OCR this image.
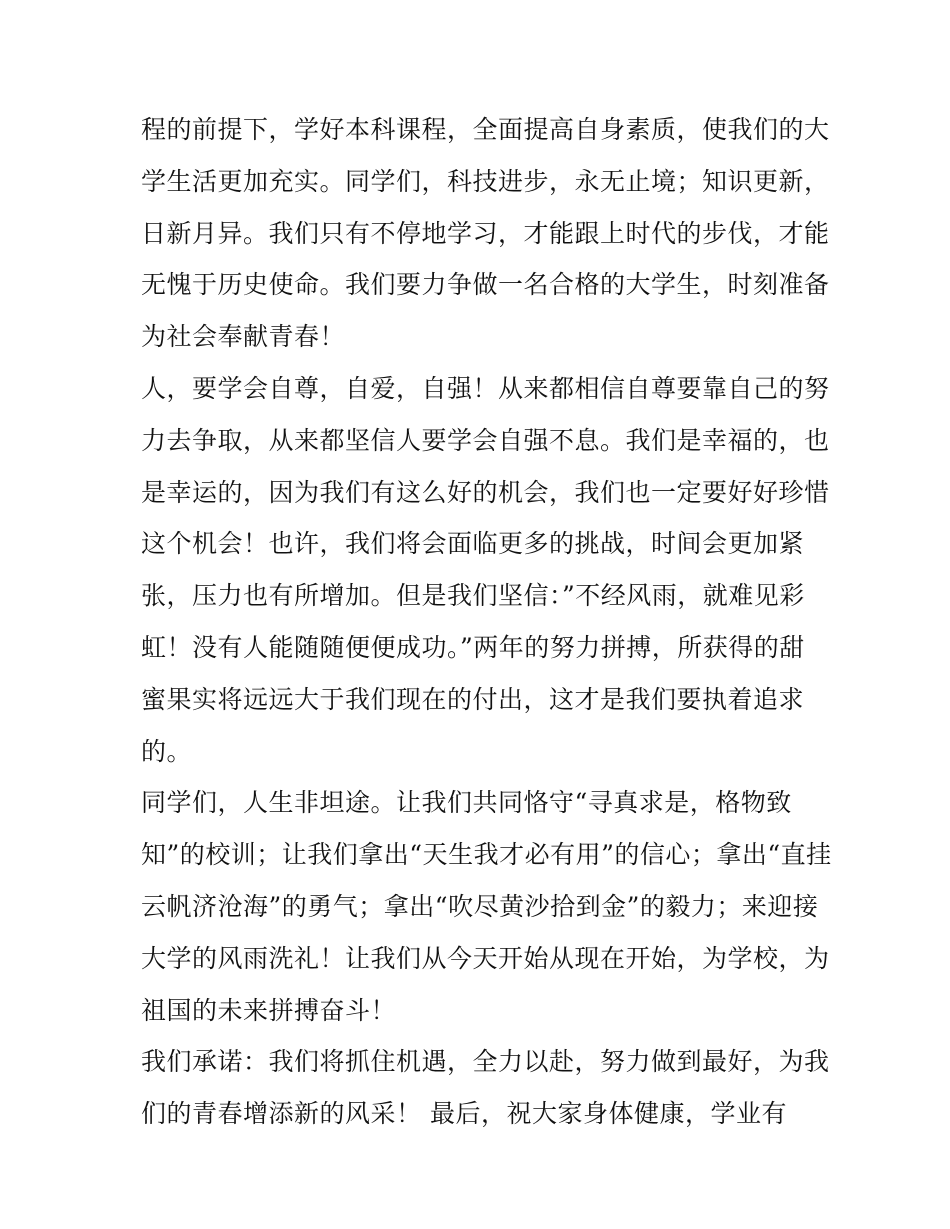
程的前提下，学好本科课程，全面提高自身素质，使我们的大
学生活更加充实。同学们，科技进步，永无止境；知识更新，
日新月异。我们只有不停地学习，才能跟上时代的步伐，才能
无愧于历史使命。我们要力争做一名合格的大学生，时刻准备
为社会奉献青春！
人，要学会自尊，自爱，自强！从来都相信自尊要靠自己的努
力去争取，从来都坚信人要学会自强不息。我们是幸福的，也
是幸运的，因为我们有这么好的机会，我们也一定要好好珍惜
这个机会！也许，我们将会面临更多的挑战，时间会更加紧
张，压力也有所增加。但是我们坚信：”不经风雨，就难见彩
虹！没有人能随随便便成功。”两年的努力拼搏，所获得的甜
蜜果实将远远大于我们现在的付出，这才是我们要执着追求
的。
同学们，人生非坦途。让我们共同恪守“寻真求是，格物致
知”的校训；让我们拿出“天生我才必有用”的信心；拿出“直挂
云帆济沧海”的勇气；拿出“吹尽黄沙拾到金”的毅力；来迎接
大学的风雨洗礼！让我们从今天开始从现在开始，为学校，为
祖国的未来拼搏奋斗！
我们承诺：我们将抓住机遇，全力以赴，努力做到最好，为我
们的青春增添新的风采！ 最后，祝大家身体健康，学业有
